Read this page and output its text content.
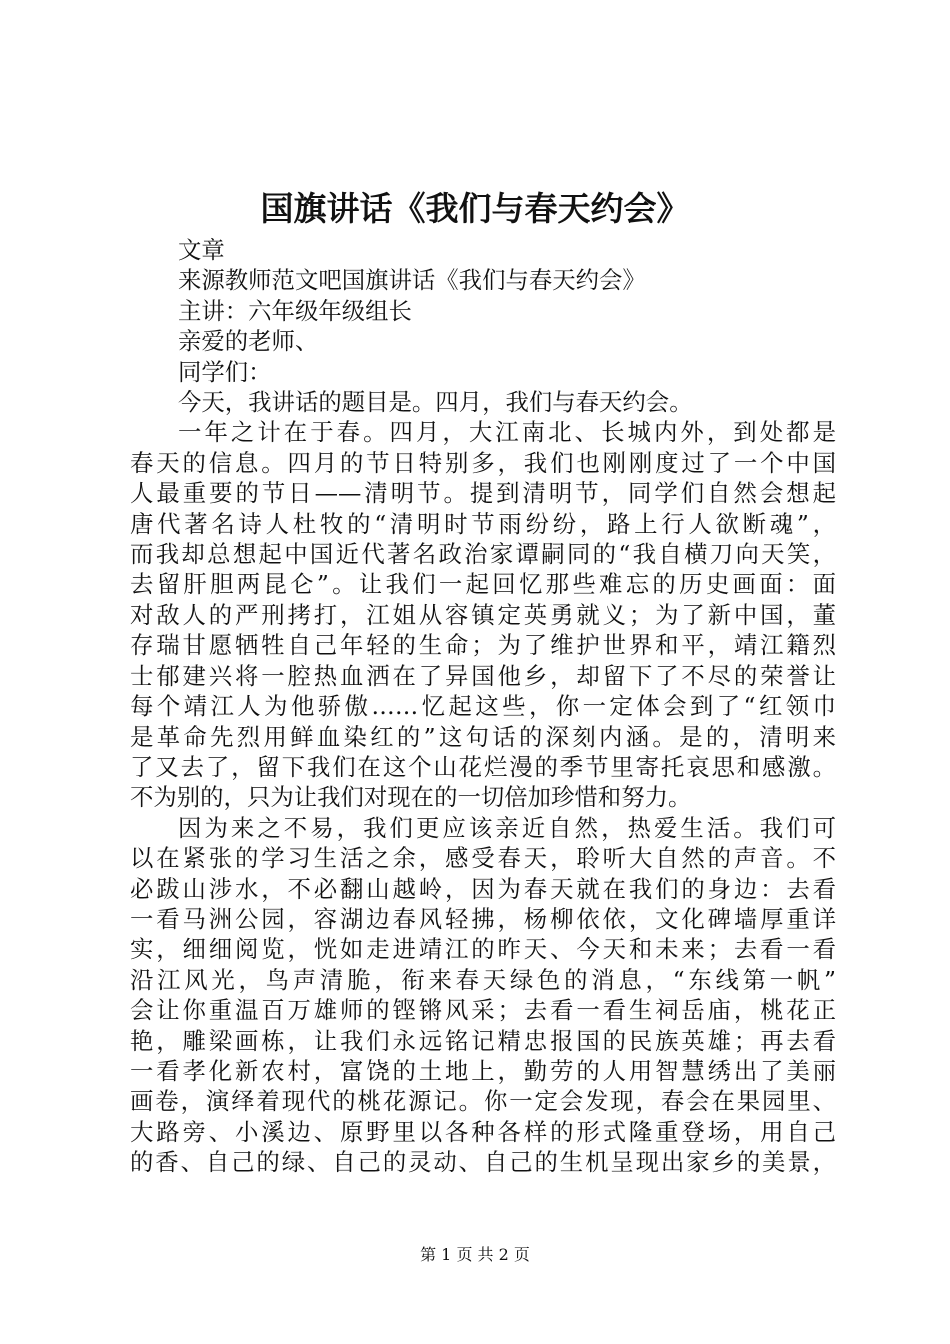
国旗讲话《我们与春天约会》
文章
来源教师范文吧国旗讲话《我们与春天约会》
主讲：六年级年级组长
亲爱的老师、
同学们：
今天，我讲话的题目是。四月，我们与春天约会。
一年之计在于春。四月，大江南北、长城内外，到处都是
春天的信息。四月的节日特别多，我们也刚刚度过了一个中国
人最重要的节日——清明节。提到清明节，同学们自然会想起
唐代著名诗人杜牧的“清明时节雨纷纷，路上行人欲断魂”，
而我却总想起中国近代著名政治家谭嗣同的“我自横刀向天笑，
去留肝胆两昆仑”。让我们一起回忆那些难忘的历史画面：面
对敌人的严刑拷打，江姐从容镇定英勇就义；为了新中国，董
存瑞甘愿牺牲自己年轻的生命；为了维护世界和平，靖江籍烈
士郁建兴将一腔热血洒在了异国他乡，却留下了不尽的荣誉让
每个靖江人为他骄傲……忆起这些，你一定体会到了“红领巾
是革命先烈用鲜血染红的”这句话的深刻内涵。是的，清明来
了又去了，留下我们在这个山花烂漫的季节里寄托哀思和感激。
不为别的，只为让我们对现在的一切倍加珍惜和努力。
因为来之不易，我们更应该亲近自然，热爱生活。我们可
以在紧张的学习生活之余，感受春天，聆听大自然的声音。不
必跋山涉水，不必翻山越岭，因为春天就在我们的身边：去看
一看马洲公园，容湖边春风轻拂，杨柳依依，文化碑墙厚重详
实，细细阅览，恍如走进靖江的昨天、今天和未来；去看一看
沿江风光，鸟声清脆，衔来春天绿色的消息，“东线第一帆”
会让你重温百万雄师的铿锵风采；去看一看生祠岳庙，桃花正
艳，雕梁画栋，让我们永远铭记精忠报国的民族英雄；再去看
一看孝化新农村，富饶的土地上，勤劳的人用智慧绣出了美丽
画卷，演绎着现代的桃花源记。你一定会发现，春会在果园里、
大路旁、小溪边、原野里以各种各样的形式隆重登场，用自己
的香、自己的绿、自己的灵动、自己的生机呈现出家乡的美景，
第 1 页 共 2 页
